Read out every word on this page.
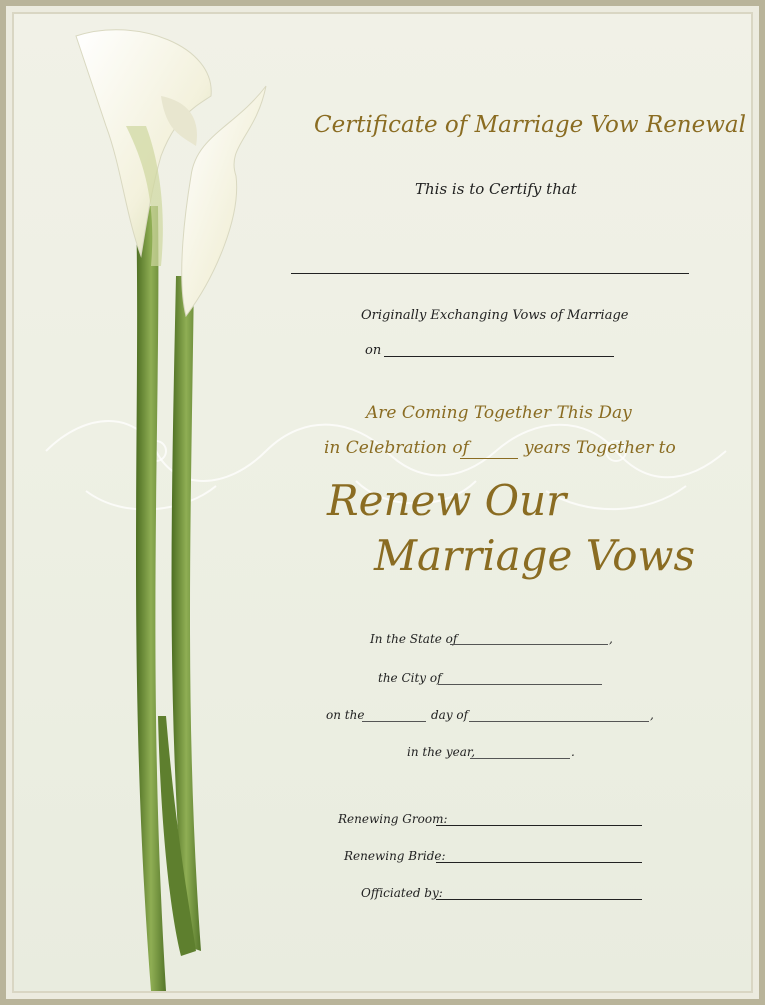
Certificate of Marriage Vow Renewal
This is to Certify that
Originally Exchanging Vows of Marriage
on
Are Coming Together This Day
in Celebration of	years Together to
Renew Our
Marriage Vows
In the State of	,
the City of
on the	day of	,
in the year,	.
Renewing Groom:
Renewing Bride:
Officiated by:
